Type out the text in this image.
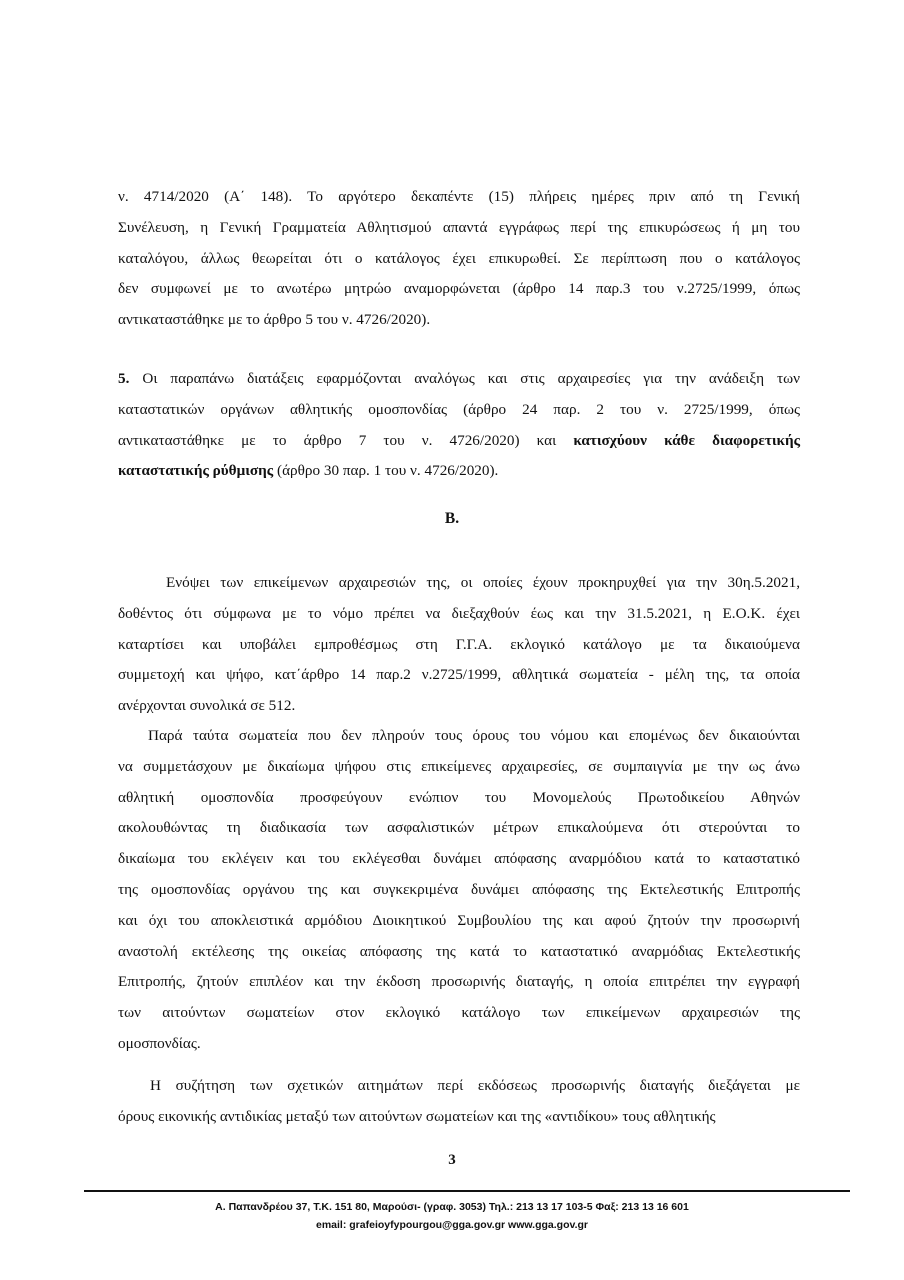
Β.
3
Α. Παπανδρέου 37, Τ.Κ. 151 80, Μαρούσι- (γραφ. 3053) Τηλ.: 213 13 17 103-5 Φαξ: 213 13 16 601
email: grafeioyfypourgou@gga.gov.gr www.gga.gov.gr
ν. 4714/2020 (Α΄ 148). Το αργότερο δεκαπέντε (15) πλήρεις ημέρες πριν από τη Γενική
Συνέλευση, η Γενική Γραμματεία Αθλητισμού απαντά εγγράφως περί της επικυρώσεως ή μη του
καταλόγου, άλλως θεωρείται ότι ο κατάλογος έχει επικυρωθεί. Σε περίπτωση που ο κατάλογος
δεν συμφωνεί με το ανωτέρω μητρώο αναμορφώνεται (άρθρο 14 παρ.3 του ν.2725/1999, όπως
αντικαταστάθηκε με το άρθρο 5 του ν. 4726/2020).
5. Οι παραπάνω διατάξεις εφαρμόζονται αναλόγως και στις αρχαιρεσίες για την ανάδειξη των
καταστατικών οργάνων αθλητικής ομοσπονδίας (άρθρο 24 παρ. 2 του ν. 2725/1999, όπως
αντικαταστάθηκε με το άρθρο 7 του ν. 4726/2020) και κατισχύουν κάθε διαφορετικής
καταστατικής ρύθμισης (άρθρο 30 παρ. 1 του ν. 4726/2020).
Ενόψει των επικείμενων αρχαιρεσιών της, οι οποίες έχουν προκηρυχθεί για την 30η.5.2021,
δοθέντος ότι σύμφωνα με το νόμο πρέπει να διεξαχθούν έως και την 31.5.2021, η Ε.Ο.Κ. έχει
καταρτίσει και υποβάλει εμπροθέσμως στη Γ.Γ.Α. εκλογικό κατάλογο με τα δικαιούμενα
συμμετοχή και ψήφο, κατ΄άρθρο 14 παρ.2 ν.2725/1999, αθλητικά σωματεία - μέλη της, τα οποία
ανέρχονται συνολικά σε 512.
Παρά ταύτα σωματεία που δεν πληρούν τους όρους του νόμου και επομένως δεν δικαιούνται
να συμμετάσχουν με δικαίωμα ψήφου στις επικείμενες αρχαιρεσίες, σε συμπαιγνία με την ως άνω
αθλητική ομοσπονδία προσφεύγουν ενώπιον του Μονομελούς Πρωτοδικείου Αθηνών
ακολουθώντας τη διαδικασία των ασφαλιστικών μέτρων επικαλούμενα ότι στερούνται το
δικαίωμα του εκλέγειν και του εκλέγεσθαι δυνάμει απόφασης αναρμόδιου κατά το καταστατικό
της ομοσπονδίας οργάνου της και συγκεκριμένα δυνάμει απόφασης της Εκτελεστικής Επιτροπής
και όχι του αποκλειστικά αρμόδιου Διοικητικού Συμβουλίου της και αφού ζητούν την προσωρινή
αναστολή εκτέλεσης της οικείας απόφασης της κατά το καταστατικό αναρμόδιας Εκτελεστικής
Επιτροπής, ζητούν επιπλέον και την έκδοση προσωρινής διαταγής, η οποία επιτρέπει την εγγραφή
των αιτούντων σωματείων στον εκλογικό κατάλογο των επικείμενων αρχαιρεσιών της
ομοσπονδίας.
Η συζήτηση των σχετικών αιτημάτων περί εκδόσεως προσωρινής διαταγής διεξάγεται με
όρους εικονικής αντιδικίας μεταξύ των αιτούντων σωματείων και της «αντιδίκου» τους αθλητικής
